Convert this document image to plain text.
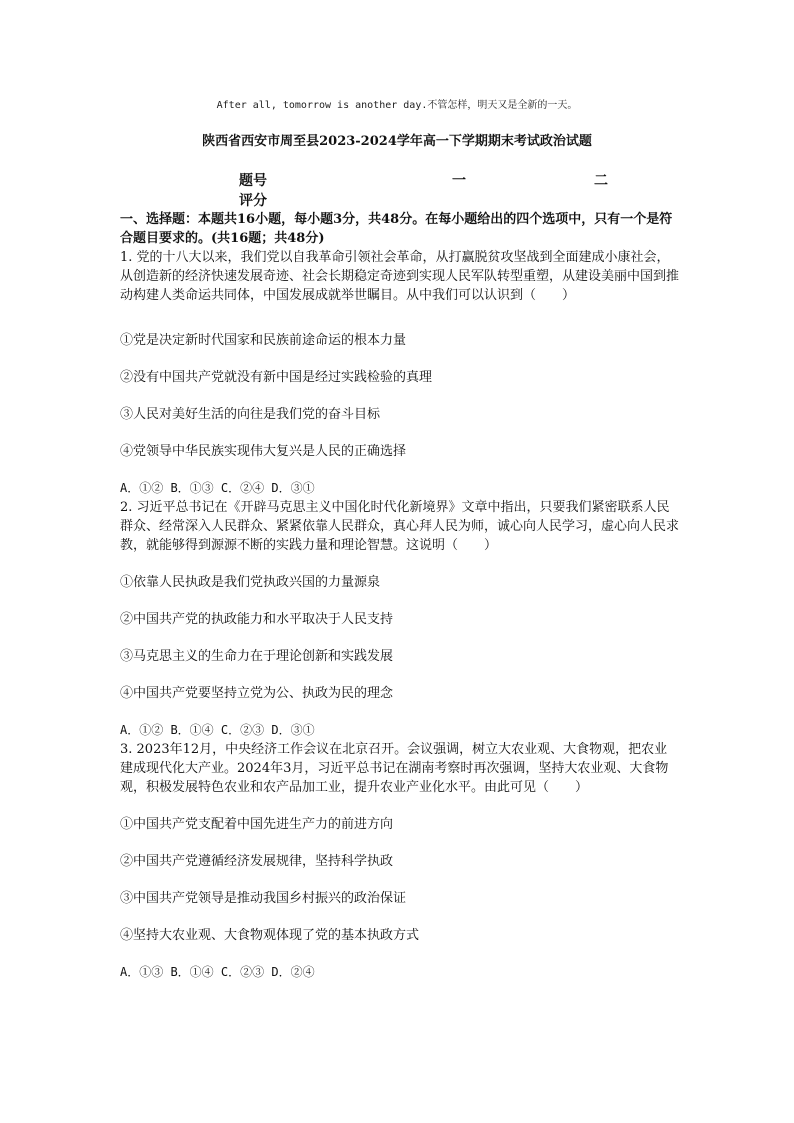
After all, tomorrow is another day.不管怎样，明天又是全新的一天。
陕西省西安市周至县2023-2024学年高一下学期期末考试政治试题
题号	一	二
评分

一、选择题：本题共16小题，每小题3分，共48分。在每小题给出的四个选项中，只有一个是符合题目要求的。(共16题；共48分)

1. 党的十八大以来，我们党以自我革命引领社会革命，从打赢脱贫攻坚战到全面建成小康社会，从创造新的经济快速发展奇迹、社会长期稳定奇迹到实现人民军队转型重塑，从建设美丽中国到推动构建人类命运共同体，中国发展成就举世瞩目。从中我们可以认识到（　　）

①党是决定新时代国家和民族前途命运的根本力量

②没有中国共产党就没有新中国是经过实践检验的真理

③人民对美好生活的向往是我们党的奋斗目标

④党领导中华民族实现伟大复兴是人民的正确选择

A．①② B．①③ C．②④ D．③①

2. 习近平总书记在《开辟马克思主义中国化时代化新境界》文章中指出，只要我们紧密联系人民群众、经常深入人民群众、紧紧依靠人民群众，真心拜人民为师，诚心向人民学习，虚心向人民求教，就能够得到源源不断的实践力量和理论智慧。这说明（　　）

①依靠人民执政是我们党执政兴国的力量源泉

②中国共产党的执政能力和水平取决于人民支持

③马克思主义的生命力在于理论创新和实践发展

④中国共产党要坚持立党为公、执政为民的理念

A．①② B．①④ C．②③ D．③①

3. 2023年12月，中央经济工作会议在北京召开。会议强调，树立大农业观、大食物观，把农业建成现代化大产业。2024年3月，习近平总书记在湖南考察时再次强调，坚持大农业观、大食物观，积极发展特色农业和农产品加工业，提升农业产业化水平。由此可见（　　）

①中国共产党支配着中国先进生产力的前进方向

②中国共产党遵循经济发展规律，坚持科学执政

③中国共产党领导是推动我国乡村振兴的政治保证

④坚持大农业观、大食物观体现了党的基本执政方式

A．①③ B．①④ C．②③ D．②④
